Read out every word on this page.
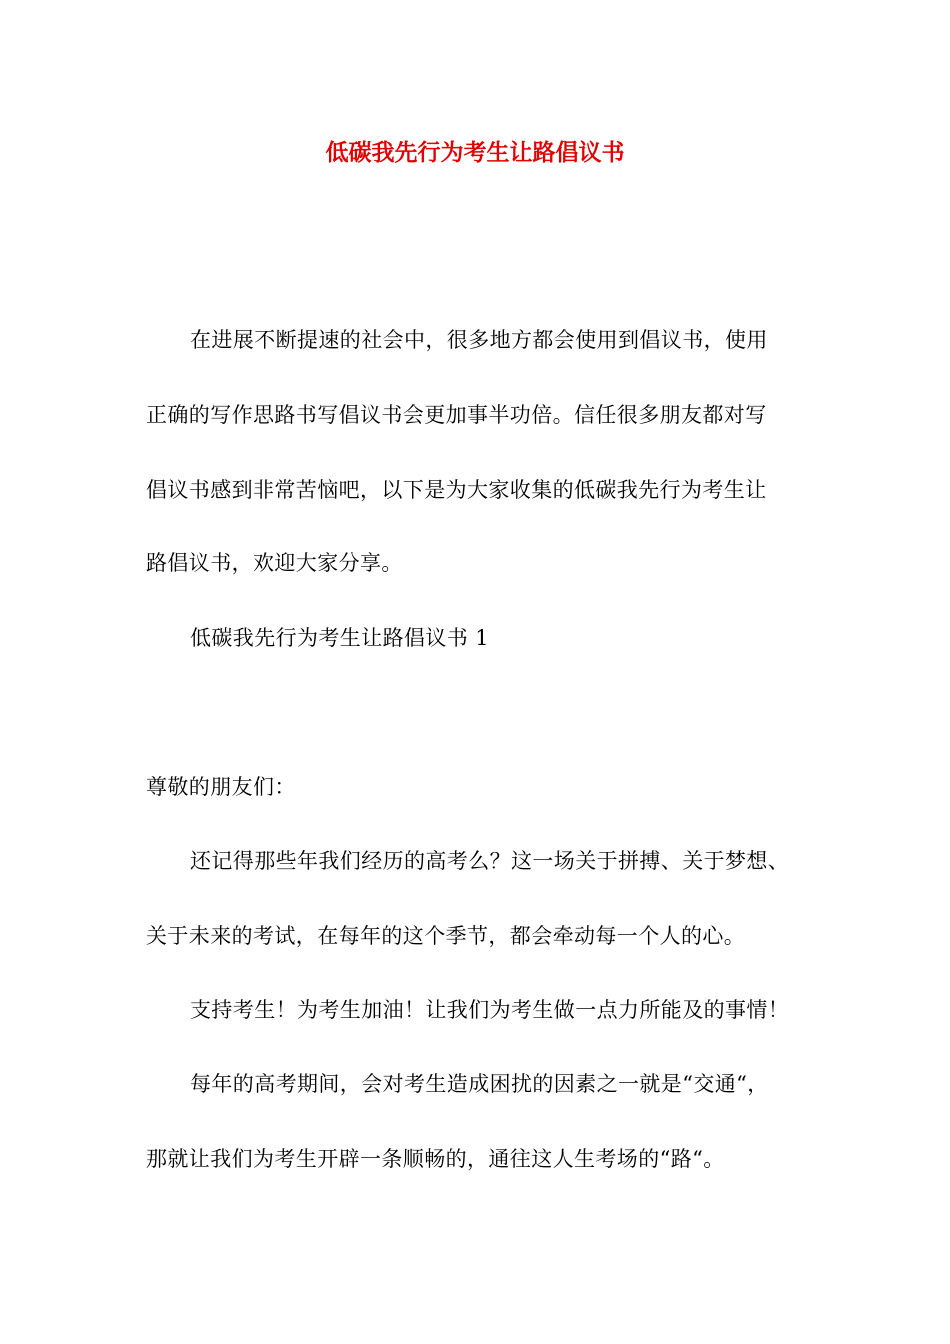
低碳我先行为考生让路倡议书
在进展不断提速的社会中，很多地方都会使用到倡议书，使用
正确的写作思路书写倡议书会更加事半功倍。信任很多朋友都对写
倡议书感到非常苦恼吧，以下是为大家收集的低碳我先行为考生让
路倡议书，欢迎大家分享。
低碳我先行为考生让路倡议书 1
尊敬的朋友们：
还记得那些年我们经历的高考么？这一场关于拼搏、关于梦想、
关于未来的考试，在每年的这个季节，都会牵动每一个人的心。
支持考生！为考生加油！让我们为考生做一点力所能及的事情！
每年的高考期间，会对考生造成困扰的因素之一就是“交通“，
那就让我们为考生开辟一条顺畅的，通往这人生考场的“路“。
